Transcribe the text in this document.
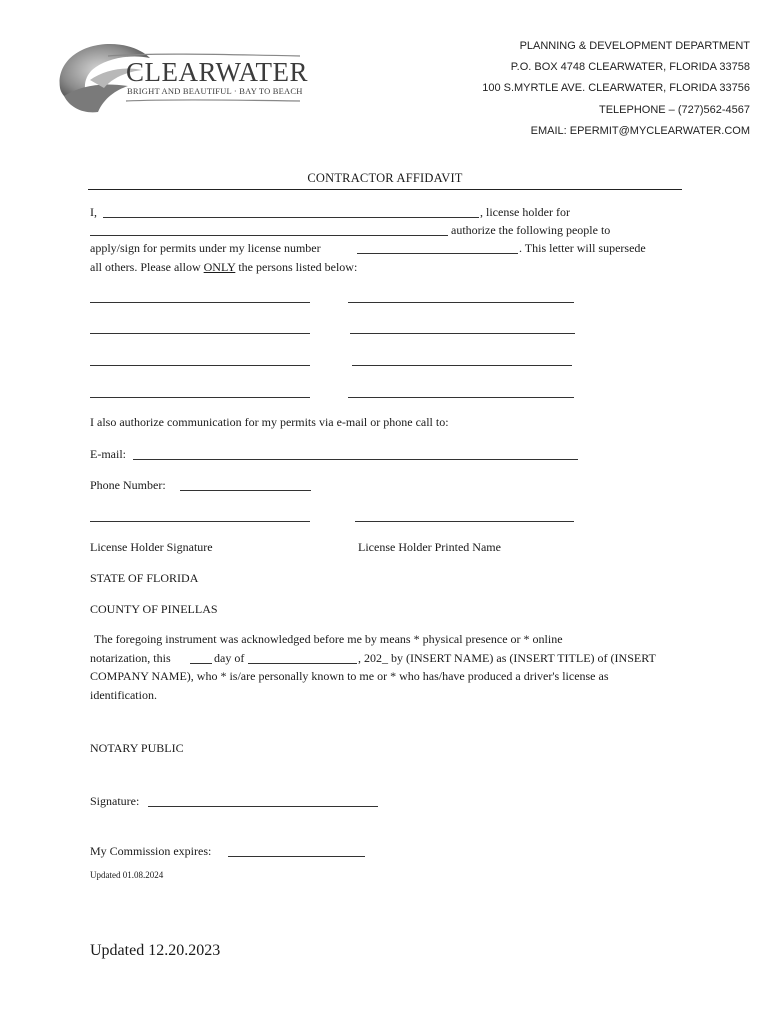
CLEARWATER
BRIGHT AND BEAUTIFUL · BAY TO BEACH
PLANNING & DEVELOPMENT DEPARTMENT
P.O. BOX 4748 CLEARWATER, FLORIDA 33758
100 S.MYRTLE AVE. CLEARWATER, FLORIDA 33756
TELEPHONE – (727)562-4567
EMAIL: EPERMIT@MYCLEARWATER.COM
CONTRACTOR AFFIDAVIT
I,	, license holder for
authorize the following people to
apply/sign for permits under my license number	. This letter will supersede
all others. Please allow ONLY the persons listed below:
I also authorize communication for my permits via e-mail or phone call to:
E-mail:
Phone Number:
License Holder Signature	License Holder Printed Name
STATE OF FLORIDA
COUNTY OF PINELLAS
The foregoing instrument was acknowledged before me by means * physical presence or * online
notarization, this	day of	, 202_ by (INSERT NAME) as (INSERT TITLE) of (INSERT
COMPANY NAME), who * is/are personally known to me or * who has/have produced a driver's license as
identification.
NOTARY PUBLIC
Signature:
My Commission expires:
Updated 01.08.2024
Updated 12.20.2023
